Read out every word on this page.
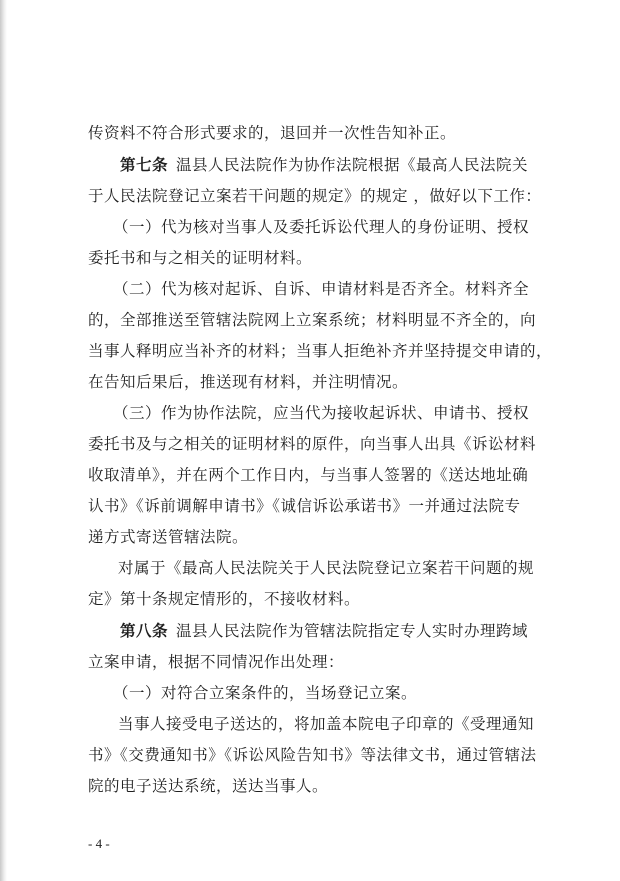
传资料不符合形式要求的，退回并一次性告知补正。
第七条 温县人民法院作为协作法院根据《最高人民法院关
于人民法院登记立案若干问题的规定》的规定 ，做好以下工作：
（一）代为核对当事人及委托诉讼代理人的身份证明、授权
委托书和与之相关的证明材料。
（二）代为核对起诉、自诉、申请材料是否齐全。材料齐全
的，全部推送至管辖法院网上立案系统；材料明显不齐全的，向
当事人释明应当补齐的材料；当事人拒绝补齐并坚持提交申请的，
在告知后果后，推送现有材料，并注明情况。
（三）作为协作法院，应当代为接收起诉状、申请书、授权
委托书及与之相关的证明材料的原件，向当事人出具《诉讼材料
收取清单》，并在两个工作日内，与当事人签署的《送达地址确
认书》《诉前调解申请书》《诚信诉讼承诺书》一并通过法院专
递方式寄送管辖法院。
对属于《最高人民法院关于人民法院登记立案若干问题的规
定》第十条规定情形的，不接收材料。
第八条 温县人民法院作为管辖法院指定专人实时办理跨域
立案申请，根据不同情况作出处理：
（一）对符合立案条件的，当场登记立案。
当事人接受电子送达的，将加盖本院电子印章的《受理通知
书》《交费通知书》《诉讼风险告知书》等法律文书，通过管辖法
院的电子送达系统，送达当事人。
- 4 -
